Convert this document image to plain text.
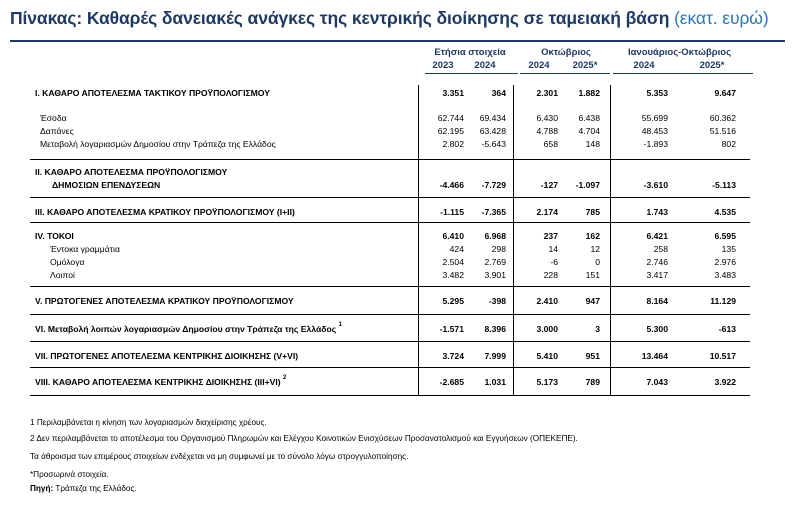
Πίνακας: Καθαρές δανειακές ανάγκες της κεντρικής διοίκησης σε ταμειακή βάση (εκατ. ευρώ)
Ετήσια στοιχεία	Οκτώβριος	Ιανουάριος-Οκτώβριος
2023	2024	2024	2025*	2024	2025*
I. ΚΑΘΑΡΟ ΑΠΟΤΕΛΕΣΜΑ ΤΑΚΤΙΚΟΥ ΠΡΟΫΠΟΛΟΓΙΣΜΟΥ	3.351	364	2.301	1.882	5.353	9.647
Έσοδα	62.744	69.434	6.430	6.438	55.699	60.362
Δαπάνες	62.195	63.428	4.788	4.704	48.453	51.516
Μεταβολή λογαριασμών Δημοσίου στην Τράπεζα της Ελλάδος	2.802	-5.643	658	148	-1.893	802
II. ΚΑΘΑΡΟ ΑΠΟΤΕΛΕΣΜΑ ΠΡΟΫΠΟΛΟΓΙΣΜΟΥ
ΔΗΜΟΣΙΩΝ ΕΠΕΝΔΥΣΕΩΝ	-4.466	-7.729	-127	-1.097	-3.610	-5.113
III. ΚΑΘΑΡΟ ΑΠΟΤΕΛΕΣΜΑ ΚΡΑΤΙΚΟΥ ΠΡΟΫΠΟΛΟΓΙΣΜΟΥ (I+II)	-1.115	-7.365	2.174	785	1.743	4.535
IV. ΤΟΚΟΙ	6.410	6.968	237	162	6.421	6.595
Έντοκα γραμμάτια	424	298	14	12	258	135
Ομόλογα	2.504	2.769	-6	0	2.746	2.976
Λοιποί	3.482	3.901	228	151	3.417	3.483
V. ΠΡΩΤΟΓΕΝΕΣ ΑΠΟΤΕΛΕΣΜΑ ΚΡΑΤΙΚΟΥ ΠΡΟΫΠΟΛΟΓΙΣΜΟΥ	5.295	-398	2.410	947	8.164	11.129
VI. Μεταβολή λοιπών λογαριασμών Δημοσίου στην Τράπεζα της Ελλάδος $^1$	-1.571	8.396	3.000	3	5.300	-613
VII. ΠΡΩΤΟΓΕΝΕΣ ΑΠΟΤΕΛΕΣΜΑ ΚΕΝΤΡΙΚΗΣ ΔΙΟΙΚΗΣΗΣ (V+VI)	3.724	7.999	5.410	951	13.464	10.517
VIII. ΚΑΘΑΡΟ ΑΠΟΤΕΛΕΣΜΑ ΚΕΝΤΡΙΚΗΣ ΔΙΟΙΚΗΣΗΣ (III+VI) $^2$	-2.685	1.031	5.173	789	7.043	3.922
1 Περιλαμβάνεται η κίνηση των λογαριασμών διαχείρισης χρέους.
2 Δεν περιλαμβάνεται το αποτέλεσμα του Οργανισμού Πληρωμών και Ελέγχου Κοινοτικών Ενισχύσεων Προσανατολισμού και Εγγυήσεων (ΟΠΕΚΕΠΕ).
Τα άθροισμα των επιμέρους στοιχείων ενδέχεται να μη συμφωνεί με το σύνολο λόγω στρογγυλοποίησης.
*Προσωρινά στοιχεία.
Πηγή: Τράπεζα της Ελλάδος.
